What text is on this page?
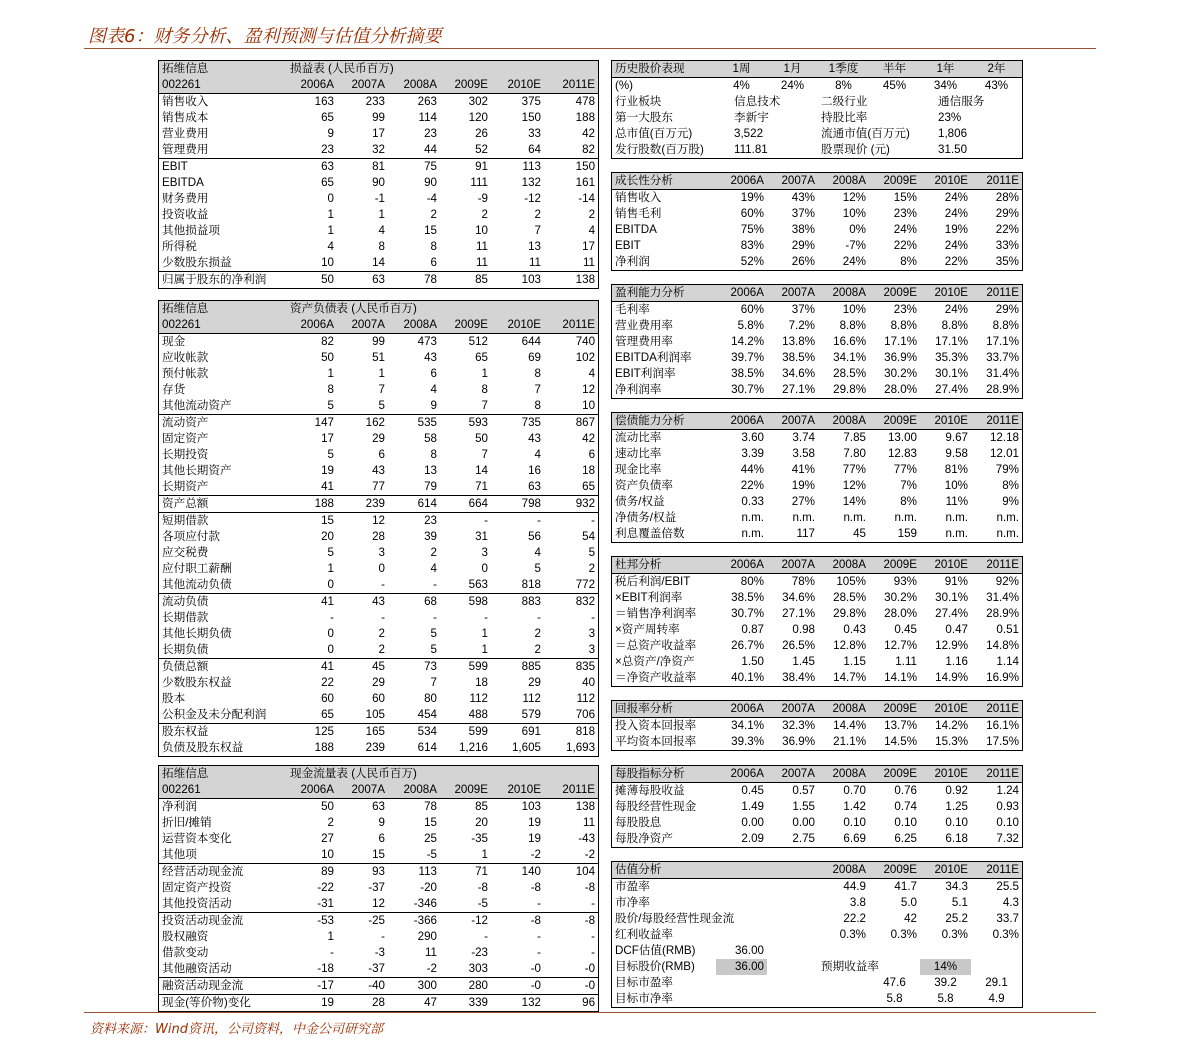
图表6：财务分析、盈利预测与估值分析摘要
拓维信息	损益表 (人民币百万)					
002261	2006A	2007A	2008A	2009E	2010E	2011E
销售收入	163	233	263	302	375	478
销售成本	65	99	114	120	150	188
营业费用	9	17	23	26	33	42
管理费用	23	32	44	52	64	82
EBIT	63	81	75	91	113	150
EBITDA	65	90	90	111	132	161
财务费用	0	-1	-4	-9	-12	-14
投资收益	1	1	2	2	2	2
其他损益项	1	4	15	10	7	4
所得税	4	8	8	11	13	17
少数股东损益	10	14	6	11	11	11
归属于股东的净利润	50	63	78	85	103	138
拓维信息	资产负债表 (人民币百万)					
002261	2006A	2007A	2008A	2009E	2010E	2011E
现金	82	99	473	512	644	740
应收帐款	50	51	43	65	69	102
预付帐款	1	1	6	1	8	4
存货	8	7	4	8	7	12
其他流动资产	5	5	9	7	8	10
流动资产	147	162	535	593	735	867
固定资产	17	29	58	50	43	42
长期投资	5	6	8	7	4	6
其他长期资产	19	43	13	14	16	18
长期资产	41	77	79	71	63	65
资产总额	188	239	614	664	798	932
短期借款	15	12	23	-	-	-
各项应付款	20	28	39	31	56	54
应交税费	5	3	2	3	4	5
应付职工薪酬	1	0	4	0	5	2
其他流动负债	0	-	-	563	818	772
流动负债	41	43	68	598	883	832
长期借款	-	-	-	-	-	-
其他长期负债	0	2	5	1	2	3
长期负债	0	2	5	1	2	3
负债总额	41	45	73	599	885	835
少数股东权益	22	29	7	18	29	40
股本	60	60	80	112	112	112
公积金及未分配利润	65	105	454	488	579	706
股东权益	125	165	534	599	691	818
负债及股东权益	188	239	614	1,216	1,605	1,693
拓维信息	现金流量表 (人民币百万)					
002261	2006A	2007A	2008A	2009E	2010E	2011E
净利润	50	63	78	85	103	138
折旧/摊销	2	9	15	20	19	11
运营资本变化	27	6	25	-35	19	-43
其他项	10	15	-5	1	-2	-2
经营活动现金流	89	93	113	71	140	104
固定资产投资	-22	-37	-20	-8	-8	-8
其他投资活动	-31	12	-346	-5	-	-
投资活动现金流	-53	-25	-366	-12	-8	-8
股权融资	1	-	290	-	-	-
借款变动	-	-3	11	-23	-	-
其他融资活动	-18	-37	-2	303	-0	-0
融资活动现金流	-17	-40	300	280	-0	-0
现金(等价物)变化	19	28	47	339	132	96
历史股价表现	1周	1月	1季度	半年	1年	2年
(%)	4%	24%	8%	45%	34%	43%
行业板块	信息技术		二级行业		通信服务	
第一大股东	李新宇		持股比率		23%	
总市值(百万元)	3,522		流通市值(百万元)		1,806	
发行股数(百万股)	111.81		股票现价 (元)		31.50	
成长性分析	2006A	2007A	2008A	2009E	2010E	2011E
销售收入	19%	43%	12%	15%	24%	28%
销售毛利	60%	37%	10%	23%	24%	29%
EBITDA	75%	38%	0%	24%	19%	22%
EBIT	83%	29%	-7%	22%	24%	33%
净利润	52%	26%	24%	8%	22%	35%
盈利能力分析	2006A	2007A	2008A	2009E	2010E	2011E
毛利率	60%	37%	10%	23%	24%	29%
营业费用率	5.8%	7.2%	8.8%	8.8%	8.8%	8.8%
管理费用率	14.2%	13.8%	16.6%	17.1%	17.1%	17.1%
EBITDA利润率	39.7%	38.5%	34.1%	36.9%	35.3%	33.7%
EBIT利润率	38.5%	34.6%	28.5%	30.2%	30.1%	31.4%
净利润率	30.7%	27.1%	29.8%	28.0%	27.4%	28.9%
偿债能力分析	2006A	2007A	2008A	2009E	2010E	2011E
流动比率	3.60	3.74	7.85	13.00	9.67	12.18
速动比率	3.39	3.58	7.80	12.83	9.58	12.01
现金比率	44%	41%	77%	77%	81%	79%
资产负债率	22%	19%	12%	7%	10%	8%
债务/权益	0.33	27%	14%	8%	11%	9%
净债务/权益	n.m.	n.m.	n.m.	n.m.	n.m.	n.m.
利息覆盖倍数	n.m.	117	45	159	n.m.	n.m.
杜邦分析	2006A	2007A	2008A	2009E	2010E	2011E
税后利润/EBIT	80%	78%	105%	93%	91%	92%
×EBIT利润率	38.5%	34.6%	28.5%	30.2%	30.1%	31.4%
＝销售净利润率	30.7%	27.1%	29.8%	28.0%	27.4%	28.9%
×资产周转率	0.87	0.98	0.43	0.45	0.47	0.51
＝总资产收益率	26.7%	26.5%	12.8%	12.7%	12.9%	14.8%
×总资产/净资产	1.50	1.45	1.15	1.11	1.16	1.14
＝净资产收益率	40.1%	38.4%	14.7%	14.1%	14.9%	16.9%
回报率分析	2006A	2007A	2008A	2009E	2010E	2011E
投入资本回报率	34.1%	32.3%	14.4%	13.7%	14.2%	16.1%
平均资本回报率	39.3%	36.9%	21.1%	14.5%	15.3%	17.5%
每股指标分析	2006A	2007A	2008A	2009E	2010E	2011E
摊薄每股收益	0.45	0.57	0.70	0.76	0.92	1.24
每股经营性现金	1.49	1.55	1.42	0.74	1.25	0.93
每股股息	0.00	0.00	0.10	0.10	0.10	0.10
每股净资产	2.09	2.75	6.69	6.25	6.18	7.32
估值分析			2008A	2009E	2010E	2011E
市盈率			44.9	41.7	34.3	25.5
市净率			3.8	5.0	5.1	4.3
股价/每股经营性现金流			22.2	42	25.2	33.7
红利收益率			0.3%	0.3%	0.3%	0.3%
DCF估值(RMB)	36.00					
目标股价(RMB)	36.00		预期收益率		14%	
目标市盈率				47.6	39.2	29.1
目标市净率				5.8	5.8	4.9
资料来源：Wind资讯，公司资料，中金公司研究部
